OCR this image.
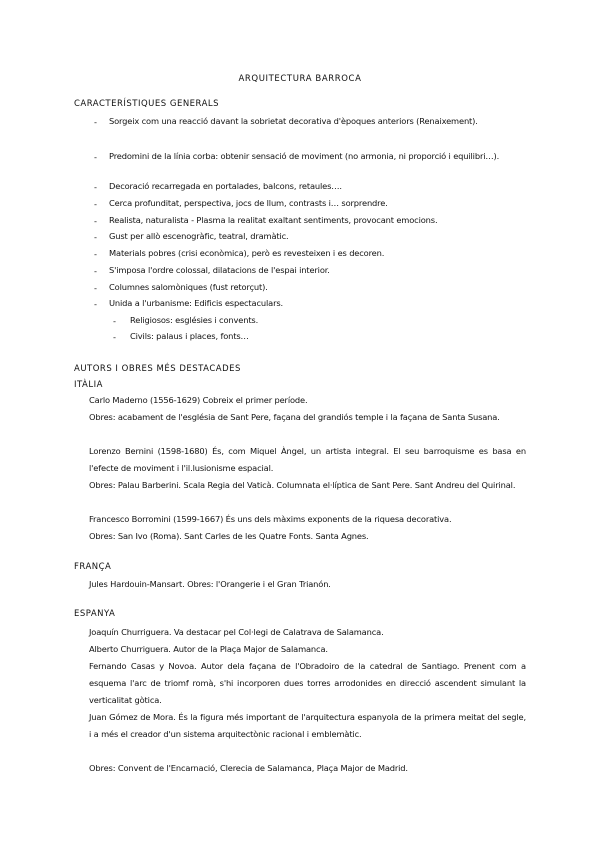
ARQUITECTURA BARROCA
CARACTERÍSTIQUES GENERALS
- Sorgeix com una reacció davant la sobrietat decorativa d'èpoques anteriors (Renaixement).
- Predomini de la línia corba: obtenir sensació de moviment (no armonia, ni proporció i equilibri…).
- Decoració recarregada en portalades, balcons, retaules….
- Cerca profunditat, perspectiva, jocs de llum, contrasts i… sorprendre.
- Realista, naturalista - Plasma la realitat exaltant sentiments, provocant emocions.
- Gust per allò escenogràfic, teatral, dramàtic.
- Materials pobres (crisi econòmica), però es revesteixen i es decoren.
- S'imposa l'ordre colossal, dilatacions de l'espai interior.
- Columnes salomòniques (fust retorçut).
- Unida a l'urbanisme: Edificis espectaculars.
- Religiosos: esglésies i convents.
- Civils: palaus i places, fonts…
AUTORS I OBRES MÉS DESTACADES
ITÀLIA
Carlo Maderno (1556-1629) Cobreix el primer període.
Obres: acabament de l'església de Sant Pere, façana del grandiós temple i la façana de Santa Susana.
Lorenzo Bernini (1598-1680) És, com Miquel Àngel, un artista integral. El seu barroquisme es basa en l'efecte de moviment i l'il.lusionisme espacial.
Obres: Palau Barberini. Scala Regia del Vaticà. Columnata el·líptica de Sant Pere. Sant Andreu del Quirinal.
Francesco Borromini (1599-1667) És uns dels màxims exponents de la riquesa decorativa.
Obres: San Ivo (Roma). Sant Carles de les Quatre Fonts. Santa Agnes.
FRANÇA
Jules Hardouin-Mansart. Obres: l'Orangerie i el Gran Trianón.
ESPANYA
Joaquín Churriguera. Va destacar pel Col·legi de Calatrava de Salamanca.
Alberto Churriguera. Autor de la Plaça Major de Salamanca.
Fernando Casas y Novoa. Autor dela façana de l'Obradoiro de la catedral de Santiago. Prenent com a esquema l'arc de triomf romà, s'hi incorporen dues torres arrodonides en direcció ascendent simulant la verticalitat gòtica.
Juan Gómez de Mora. És la figura més important de l'arquitectura espanyola de la primera meitat del segle, i a més el creador d'un sistema arquitectònic racional i emblemàtic.
Obres: Convent de l'Encarnació, Clerecia de Salamanca, Plaça Major de Madrid.
